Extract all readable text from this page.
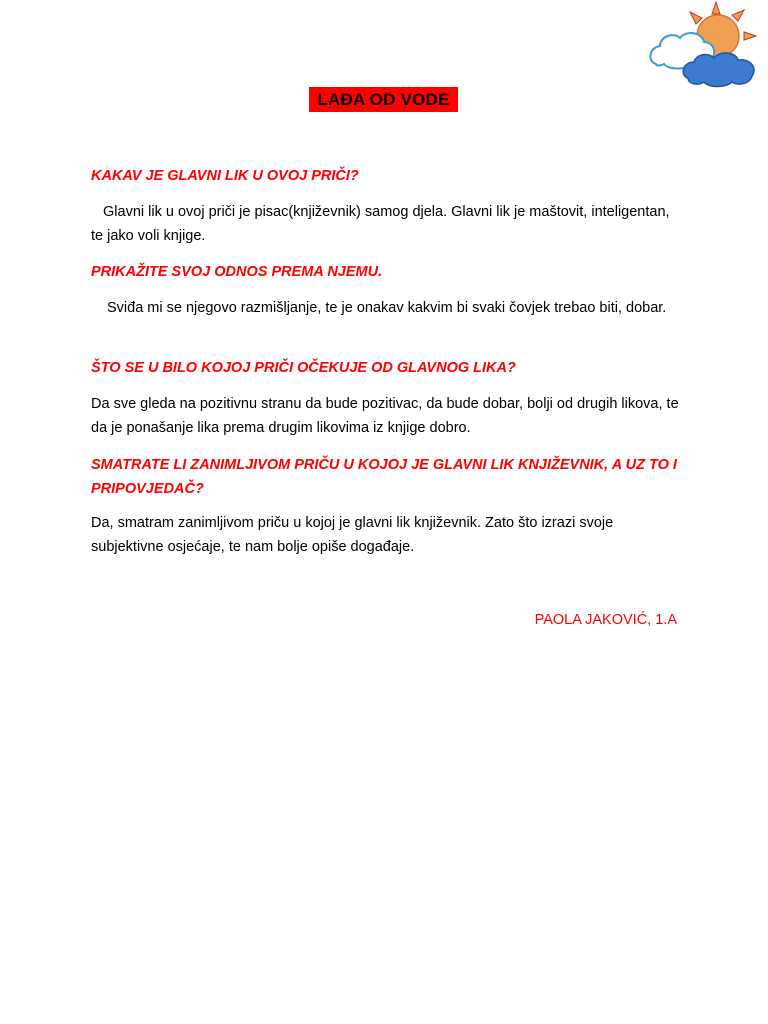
LAĐA OD VODE

KAKAV JE GLAVNI LIK U OVOJ PRIČI?

Glavni lik u ovoj priči je pisac(književnik) samog djela. Glavni lik je maštovit, inteligentan, te jako voli knjige.

PRIKAŽITE SVOJ ODNOS PREMA NJEMU.

Sviđa mi se njegovo razmišljanje, te je onakav kakvim bi svaki čovjek trebao biti, dobar.

ŠTO SE U BILO KOJOJ PRIČI OČEKUJE OD GLAVNOG LIKA?

Da sve gleda na pozitivnu stranu da bude pozitivac, da bude dobar, bolji od drugih likova, te da je ponašanje lika prema drugim likovima iz knjige dobro.

SMATRATE LI ZANIMLJIVOM PRIČU U KOJOJ JE GLAVNI LIK KNJIŽEVNIK, A UZ TO I PRIPOVJEDAČ?

Da, smatram zanimljivom priču u kojoj je glavni lik književnik. Zato što izrazi svoje subjektivne osjećaje, te nam bolje opiše događaje.

PAOLA JAKOVIĆ, 1.A
